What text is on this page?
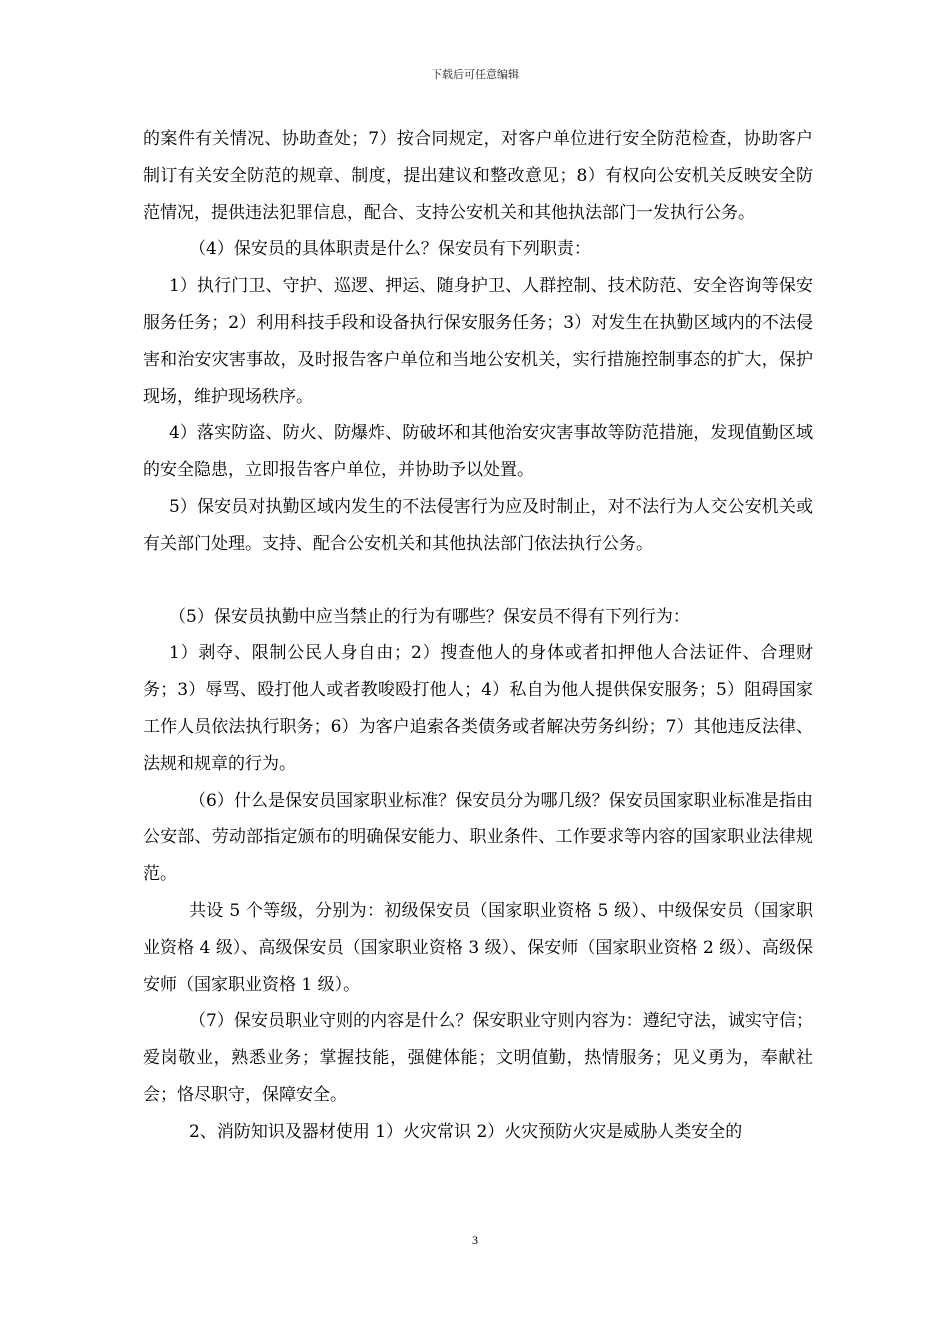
下载后可任意编辑

的案件有关情况、协助查处；7）按合同规定，对客户单位进行安全防范检查，协助客户制订有关安全防范的规章、制度，提出建议和整改意见；8）有权向公安机关反映安全防范情况，提供违法犯罪信息，配合、支持公安机关和其他执法部门一发执行公务。

（4）保安员的具体职责是什么？保安员有下列职责：

1）执行门卫、守护、巡逻、押运、随身护卫、人群控制、技术防范、安全咨询等保安服务任务；2）利用科技手段和设备执行保安服务任务；3）对发生在执勤区域内的不法侵害和治安灾害事故，及时报告客户单位和当地公安机关，实行措施控制事态的扩大，保护现场，维护现场秩序。

4）落实防盗、防火、防爆炸、防破坏和其他治安灾害事故等防范措施，发现值勤区域的安全隐患，立即报告客户单位，并协助予以处置。

5）保安员对执勤区域内发生的不法侵害行为应及时制止，对不法行为人交公安机关或有关部门处理。支持、配合公安机关和其他执法部门依法执行公务。

（5）保安员执勤中应当禁止的行为有哪些？保安员不得有下列行为：

1）剥夺、限制公民人身自由；2）搜查他人的身体或者扣押他人合法证件、合理财务；3）辱骂、殴打他人或者教唆殴打他人；4）私自为他人提供保安服务；5）阻碍国家工作人员依法执行职务；6）为客户追索各类债务或者解决劳务纠纷；7）其他违反法律、法规和规章的行为。

（6）什么是保安员国家职业标准？保安员分为哪几级？保安员国家职业标准是指由公安部、劳动部指定颁布的明确保安能力、职业条件、工作要求等内容的国家职业法律规范。

共设 5 个等级，分别为：初级保安员（国家职业资格 5 级）、中级保安员（国家职业资格 4 级）、高级保安员（国家职业资格 3 级）、保安师（国家职业资格 2 级）、高级保安师（国家职业资格 1 级）。

（7）保安员职业守则的内容是什么？保安职业守则内容为：遵纪守法，诚实守信；爱岗敬业，熟悉业务；掌握技能，强健体能；文明值勤，热情服务；见义勇为，奉献社会；恪尽职守，保障安全。

2、消防知识及器材使用 1）火灾常识 2）火灾预防火灾是威胁人类安全的

3
